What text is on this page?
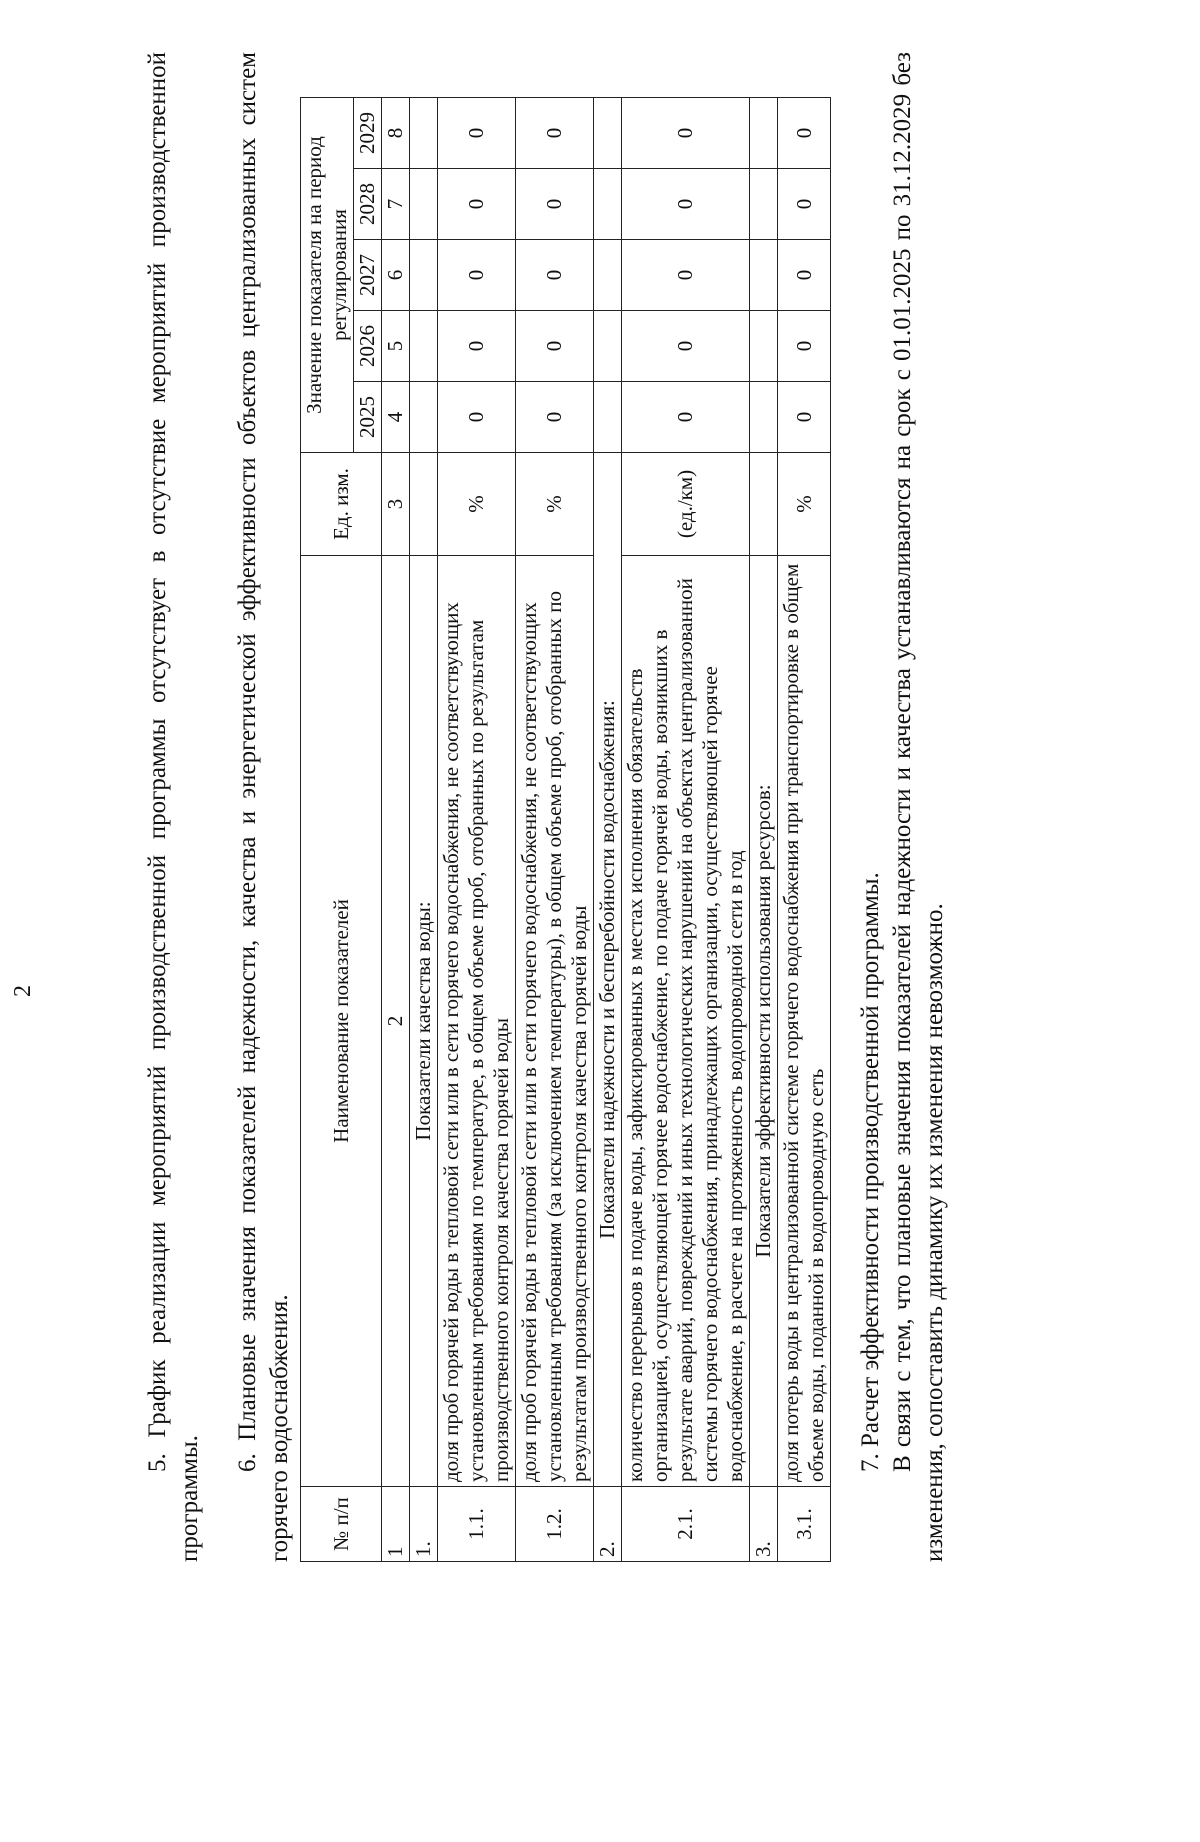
2	5. График реализации мероприятий производственной программы отсутствует в отсутствие мероприятий производственной программы.

6. Плановые значения показателей надежности, качества и энергетической эффективности объектов централизованных систем горячего водоснабжения. № п/п	Наименование показателей	Ед. изм.	Значение показателя на период регулирования				
			2025	2026	2027	2028	2029
1	2	3	4	5	6	7	8
1.	Показатели качества воды:						
1.1.	доля проб горячей воды в тепловой сети или в сети горячего водоснабжения, не соответствующих установленным требованиям по температуре, в общем объеме проб, отобранных по результатам производственного контроля качества горячей воды	%	0	0	0	0	0
1.2.	доля проб горячей воды в тепловой сети или в сети горячего водоснабжения, не соответствующих установленным требованиям (за исключением температуры), в общем объеме проб, отобранных по результатам производственного контроля качества горячей воды	%	0	0	0	0	0
2.	Показатели надежности и бесперебойности водоснабжения:						
2.1.	количество перерывов в подаче воды, зафиксированных в местах исполнения обязательств организацией, осуществляющей горячее водоснабжение, по подаче горячей воды, возникших в результате аварий, повреждений и иных технологических нарушений на объектах централизованной системы горячего водоснабжения, принадлежащих организации, осуществляющей горячее водоснабжение, в расчете на протяженность водопроводной сети в год	(ед./км)	0	0	0	0	0
3.	Показатели эффективности использования ресурсов:						
3.1.	доля потерь воды в централизованной системе горячего водоснабжения при транспортировке в общем объеме воды, поданной в водопроводную сеть	%	0	0	0	0	0

7. Расчет эффективности производственной программы. В связи с тем, что плановые значения показателей надежности и качества устанавливаются на срок с 01.01.2025 по 31.12.2029 без изменения, сопоставить динамику их изменения невозможно.
